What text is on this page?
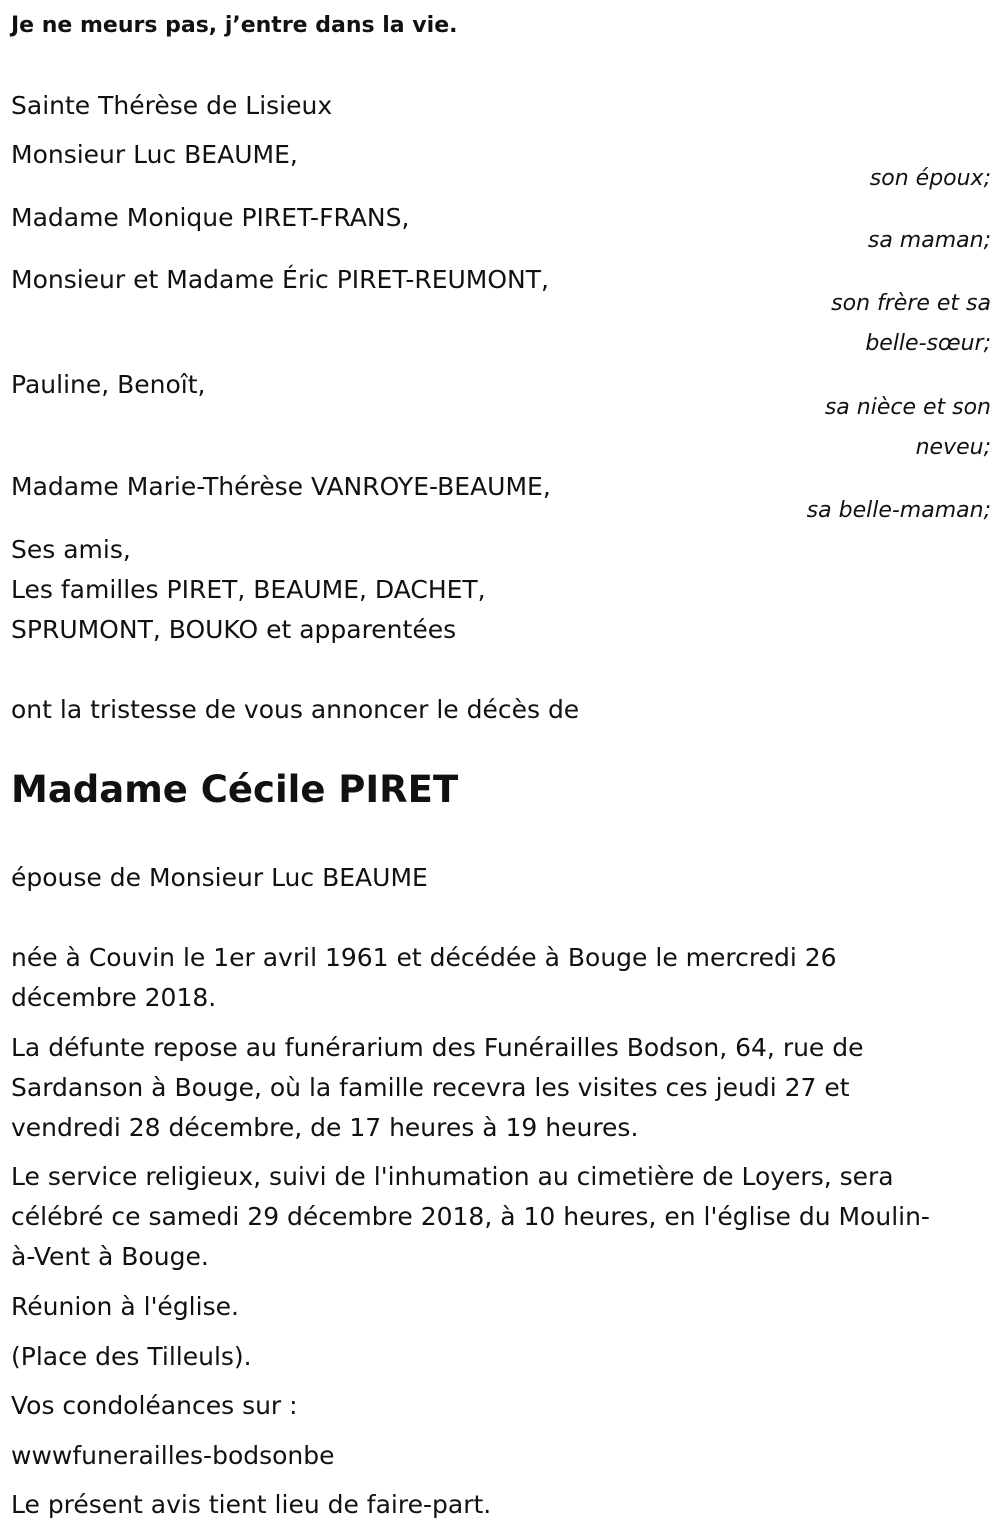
Je ne meurs pas, j’entre dans la vie.
Sainte Thérèse de Lisieux
Monsieur Luc BEAUME,
son époux;
Madame Monique PIRET-FRANS,
sa maman;
Monsieur et Madame Éric PIRET-REUMONT,
son frère et sa
belle-sœur;
Pauline, Benoît,
sa nièce et son
neveu;
Madame Marie-Thérèse VANROYE-BEAUME,
sa belle-maman;
Ses amis,
Les familles PIRET, BEAUME, DACHET,
SPRUMONT, BOUKO et apparentées
ont la tristesse de vous annoncer le décès de
Madame Cécile PIRET
épouse de Monsieur Luc BEAUME
née à Couvin le 1er avril 1961 et décédée à Bouge le mercredi 26
décembre 2018.
La défunte repose au funérarium des Funérailles Bodson, 64, rue de
Sardanson à Bouge, où la famille recevra les visites ces jeudi 27 et
vendredi 28 décembre, de 17 heures à 19 heures.
Le service religieux, suivi de l'inhumation au cimetière de Loyers, sera
célébré ce samedi 29 décembre 2018, à 10 heures, en l'église du Moulin-
à-Vent à Bouge.
Réunion à l'église.
(Place des Tilleuls).
Vos condoléances sur :
wwwfunerailles-bodsonbe
Le présent avis tient lieu de faire-part.
